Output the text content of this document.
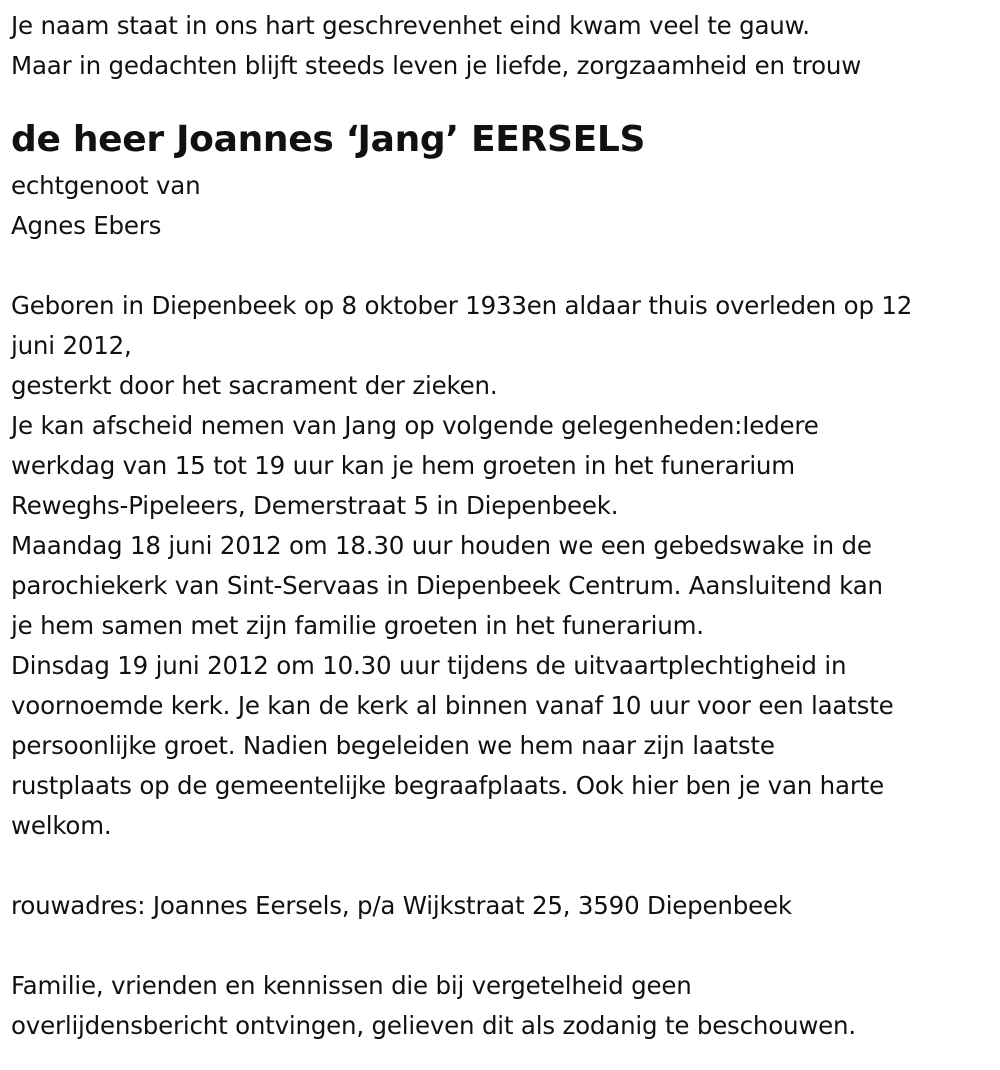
Je naam staat in ons hart geschrevenhet eind kwam veel te gauw.
Maar in gedachten blijft steeds leven je liefde, zorgzaamheid en trouw
de heer Joannes ‘Jang’ EERSELS
echtgenoot van
Agnes Ebers
Geboren in Diepenbeek op 8 oktober 1933en aldaar thuis overleden op 12
juni 2012,
gesterkt door het sacrament der zieken.
Je kan afscheid nemen van Jang op volgende gelegenheden:Iedere
werkdag van 15 tot 19 uur kan je hem groeten in het funerarium
Reweghs-Pipeleers, Demerstraat 5 in Diepenbeek.
Maandag 18 juni 2012 om 18.30 uur houden we een gebedswake in de
parochiekerk van Sint-Servaas in Diepenbeek Centrum. Aansluitend kan
je hem samen met zijn familie groeten in het funerarium.
Dinsdag 19 juni 2012 om 10.30 uur tijdens de uitvaartplechtigheid in
voornoemde kerk. Je kan de kerk al binnen vanaf 10 uur voor een laatste
persoonlijke groet. Nadien begeleiden we hem naar zijn laatste
rustplaats op de gemeentelijke begraafplaats. Ook hier ben je van harte
welkom.
rouwadres: Joannes Eersels, p/a Wijkstraat 25, 3590 Diepenbeek
Familie, vrienden en kennissen die bij vergetelheid geen
overlijdensbericht ontvingen, gelieven dit als zodanig te beschouwen.
